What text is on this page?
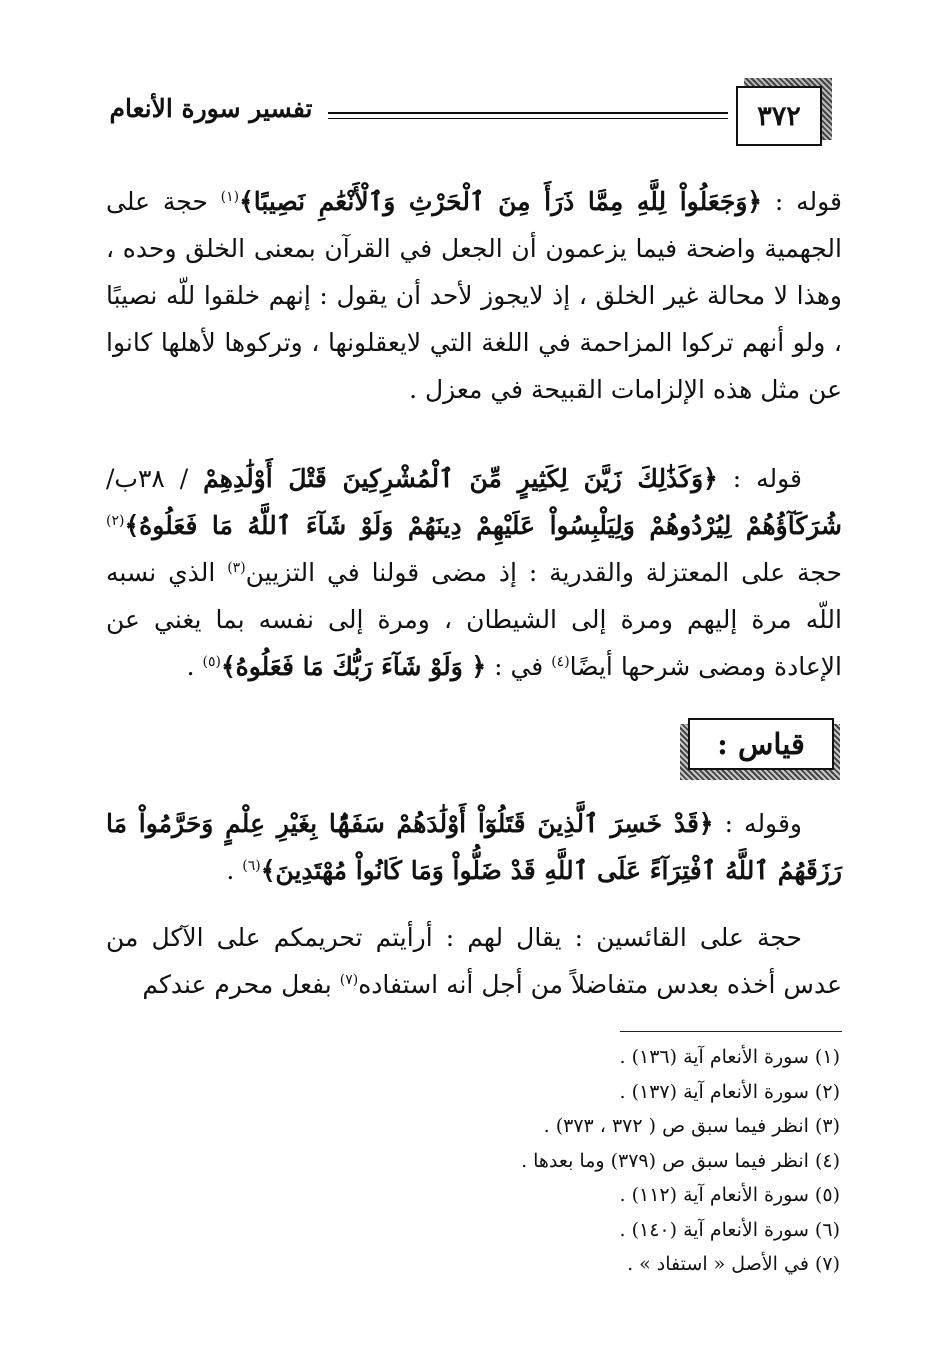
٣٧٢
تفسير سورة الأنعام

قوله : ﴿وَجَعَلُواْ لِلَّهِ مِمَّا ذَرَأَ مِنَ ٱلْحَرْثِ وَٱلْأَنْعَٰمِ نَصِيبًا﴾$^{(١)}$ حجة على الجهمية واضحة فيما يزعمون أن الجعل في القرآن بمعنى الخلق وحده ، وهذا لا محالة غير الخلق ، إذ لايجوز لأحد أن يقول : إنهم خلقوا للّه نصيبًا ، ولو أنهم تركوا المزاحمة في اللغة التي لايعقلونها ، وتركوها لأهلها كانوا عن مثل هذه الإلزامات القبيحة في معزل .

قوله : ﴿وَكَذَٰلِكَ زَيَّنَ لِكَثِيرٍ مِّنَ ٱلْمُشْرِكِينَ قَتْلَ أَوْلَٰدِهِمْ / ٣٨ب/ شُرَكَآؤُهُمْ لِيُرْدُوهُمْ وَلِيَلْبِسُواْ عَلَيْهِمْ دِينَهُمْ وَلَوْ شَآءَ ٱللَّهُ مَا فَعَلُوهُ﴾$^{(٢)}$ حجة على المعتزلة والقدرية : إذ مضى قولنا في التزيين$^{(٣)}$ الذي نسبه اللّه مرة إليهم ومرة إلى الشيطان ، ومرة إلى نفسه بما يغني عن الإعادة ومضى شرحها أيضًا$^{(٤)}$ في : ﴿ وَلَوْ شَآءَ رَبُّكَ مَا فَعَلُوهُ﴾$^{(٥)}$ .

قياس :

وقوله : ﴿قَدْ خَسِرَ ٱلَّذِينَ قَتَلُوٓاْ أَوْلَٰدَهُمْ سَفَهًۢا بِغَيْرِ عِلْمٍ وَحَرَّمُواْ مَا رَزَقَهُمُ ٱللَّهُ ٱفْتِرَآءً عَلَى ٱللَّهِ قَدْ ضَلُّواْ وَمَا كَانُواْ مُهْتَدِينَ﴾$^{(٦)}$ .

حجة على القائسين : يقال لهم : أرأيتم تحريمكم على الآكل من عدس أخذه بعدس متفاضلاً من أجل أنه استفاده$^{(٧)}$ بفعل محرم عندكم

(١) سورة الأنعام آية (١٣٦) .
(٢) سورة الأنعام آية (١٣٧) .
(٣) انظر فيما سبق ص ( ٣٧٢ ، ٣٧٣) .
(٤) انظر فيما سبق ص (٣٧٩) وما بعدها .
(٥) سورة الأنعام آية (١١٢) .
(٦) سورة الأنعام آية (١٤٠) .
(٧) في الأصل « استفاد » .
